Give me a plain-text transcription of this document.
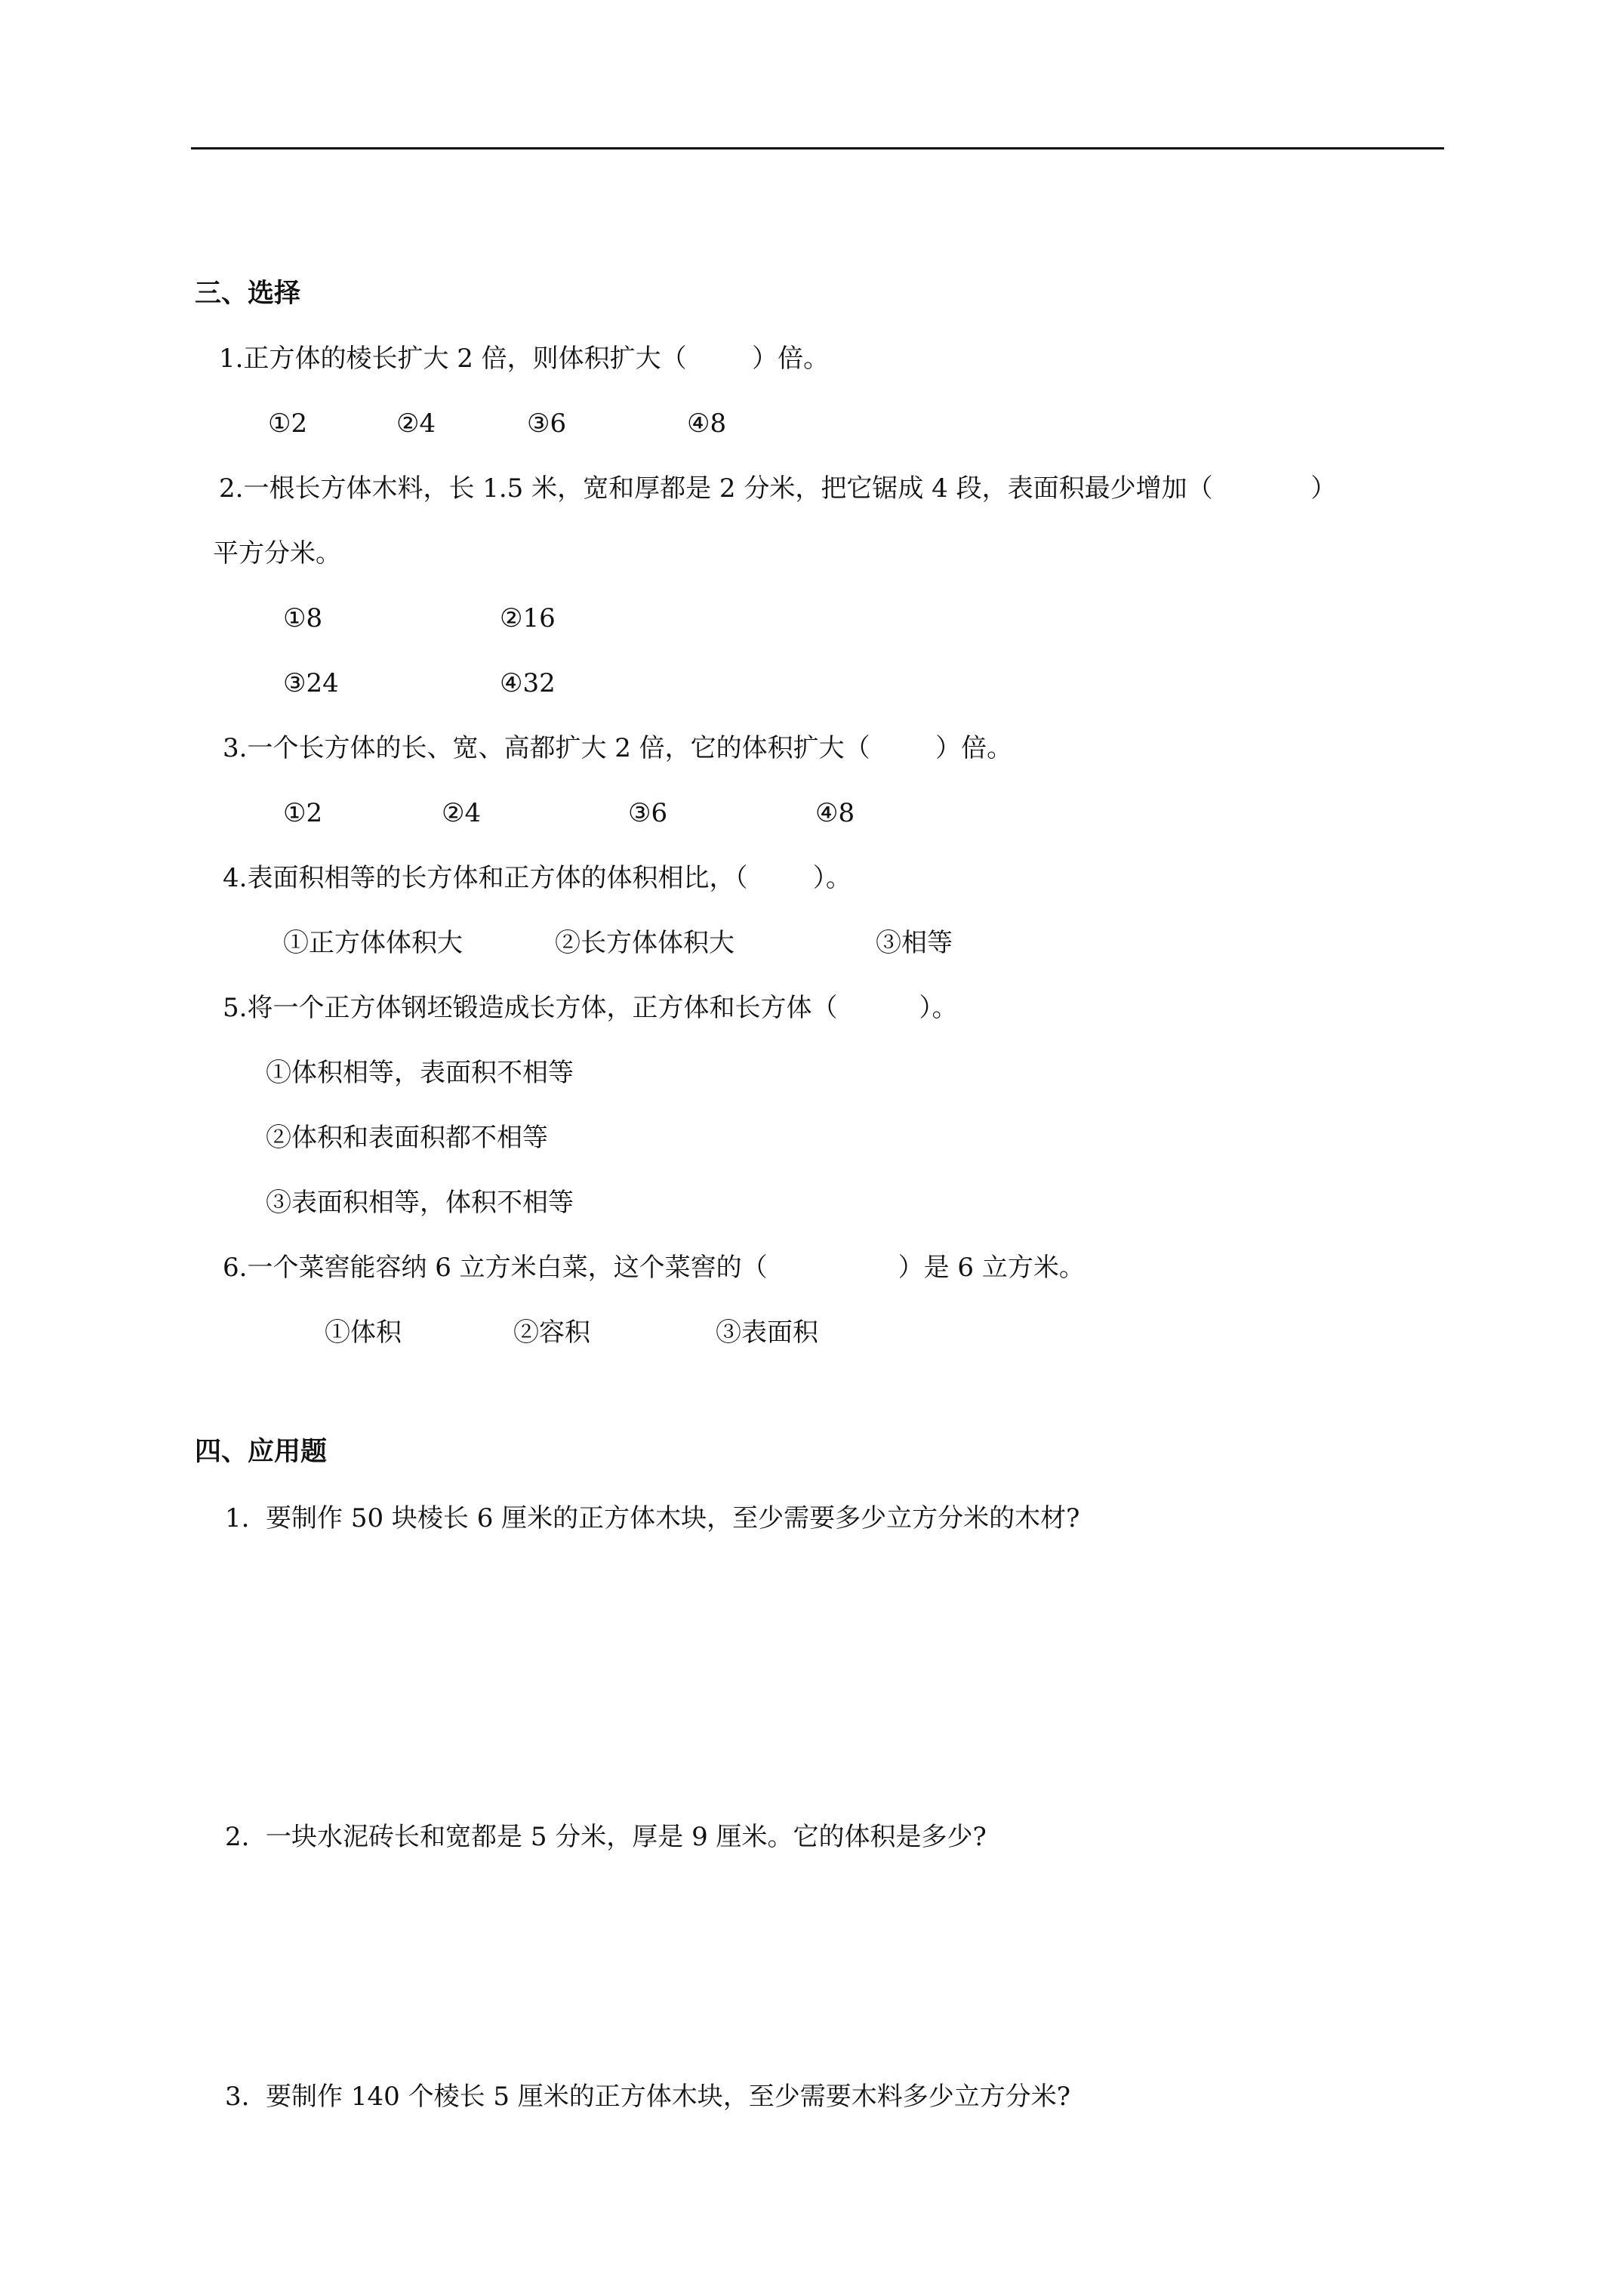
三、选择
1.正方体的棱长扩大 2 倍，则体积扩大（        ）倍。
①2	②4	③6	④8
2.一根长方体木料，长 1.5 米，宽和厚都是 2 分米，把它锯成 4 段，表面积最少增加（            ）
平方分米。
①8	②16
③24	④32
3.一个长方体的长、宽、高都扩大 2 倍，它的体积扩大（        ）倍。
①2	②4	③6	④8
4.表面积相等的长方体和正方体的体积相比，（        ）。
①正方体体积大	②长方体体积大	③相等
5.将一个正方体钢坯锻造成长方体，正方体和长方体（          ）。
①体积相等，表面积不相等
②体积和表面积都不相等
③表面积相等，体积不相等
6.一个菜窖能容纳 6 立方米白菜，这个菜窖的（                ）是 6 立方米。
①体积	②容积	③表面积
四、应用题
1.  要制作 50 块棱长 6 厘米的正方体木块，至少需要多少立方分米的木材?
2.  一块水泥砖长和宽都是 5 分米，厚是 9 厘米。它的体积是多少?
3.  要制作 140 个棱长 5 厘米的正方体木块，至少需要木料多少立方分米?
